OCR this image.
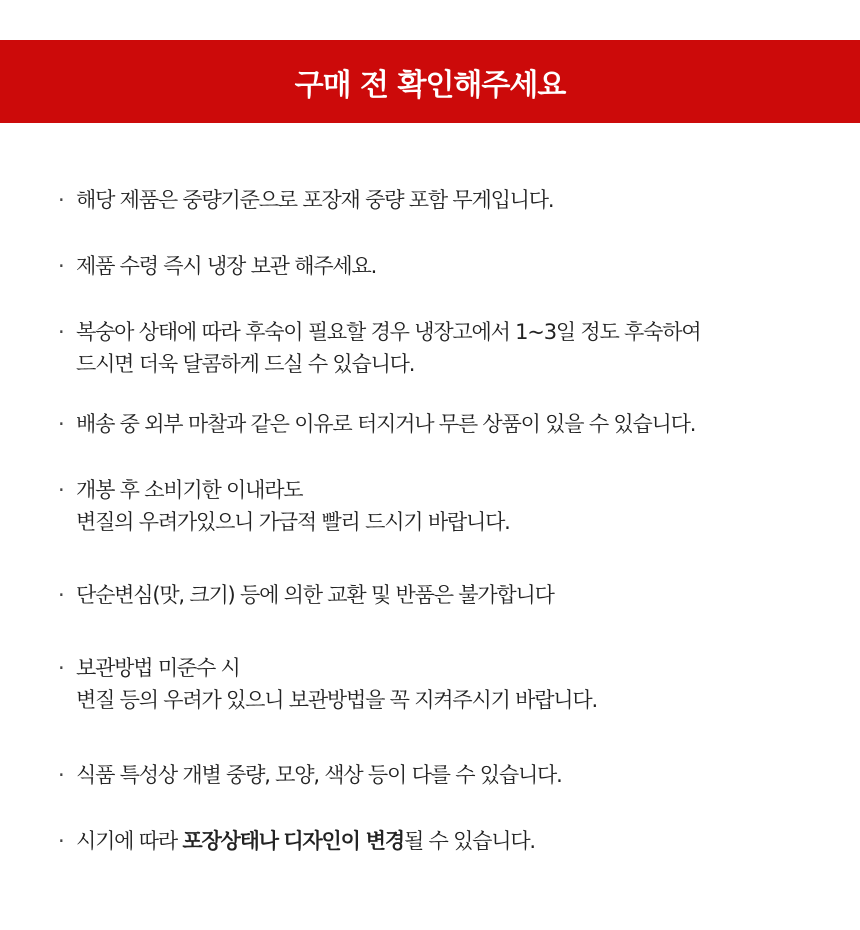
구매 전 확인해주세요
· 해당 제품은 중량기준으로 포장재 중량 포함 무게입니다.
· 제품 수령 즉시 냉장 보관 해주세요.
· 복숭아 상태에 따라 후숙이 필요할 경우 냉장고에서 1~3일 정도 후숙하여
드시면 더욱 달콤하게 드실 수 있습니다.
· 배송 중 외부 마찰과 같은 이유로 터지거나 무른 상품이 있을 수 있습니다.
· 개봉 후 소비기한 이내라도
변질의 우려가있으니 가급적 빨리 드시기 바랍니다.
· 단순변심(맛, 크기) 등에 의한 교환 및 반품은 불가합니다
· 보관방법 미준수 시
변질 등의 우려가 있으니 보관방법을 꼭 지켜주시기 바랍니다.
· 식품 특성상 개별 중량, 모양, 색상 등이 다를 수 있습니다.
· 시기에 따라 포장상태나 디자인이 변경될 수 있습니다.
